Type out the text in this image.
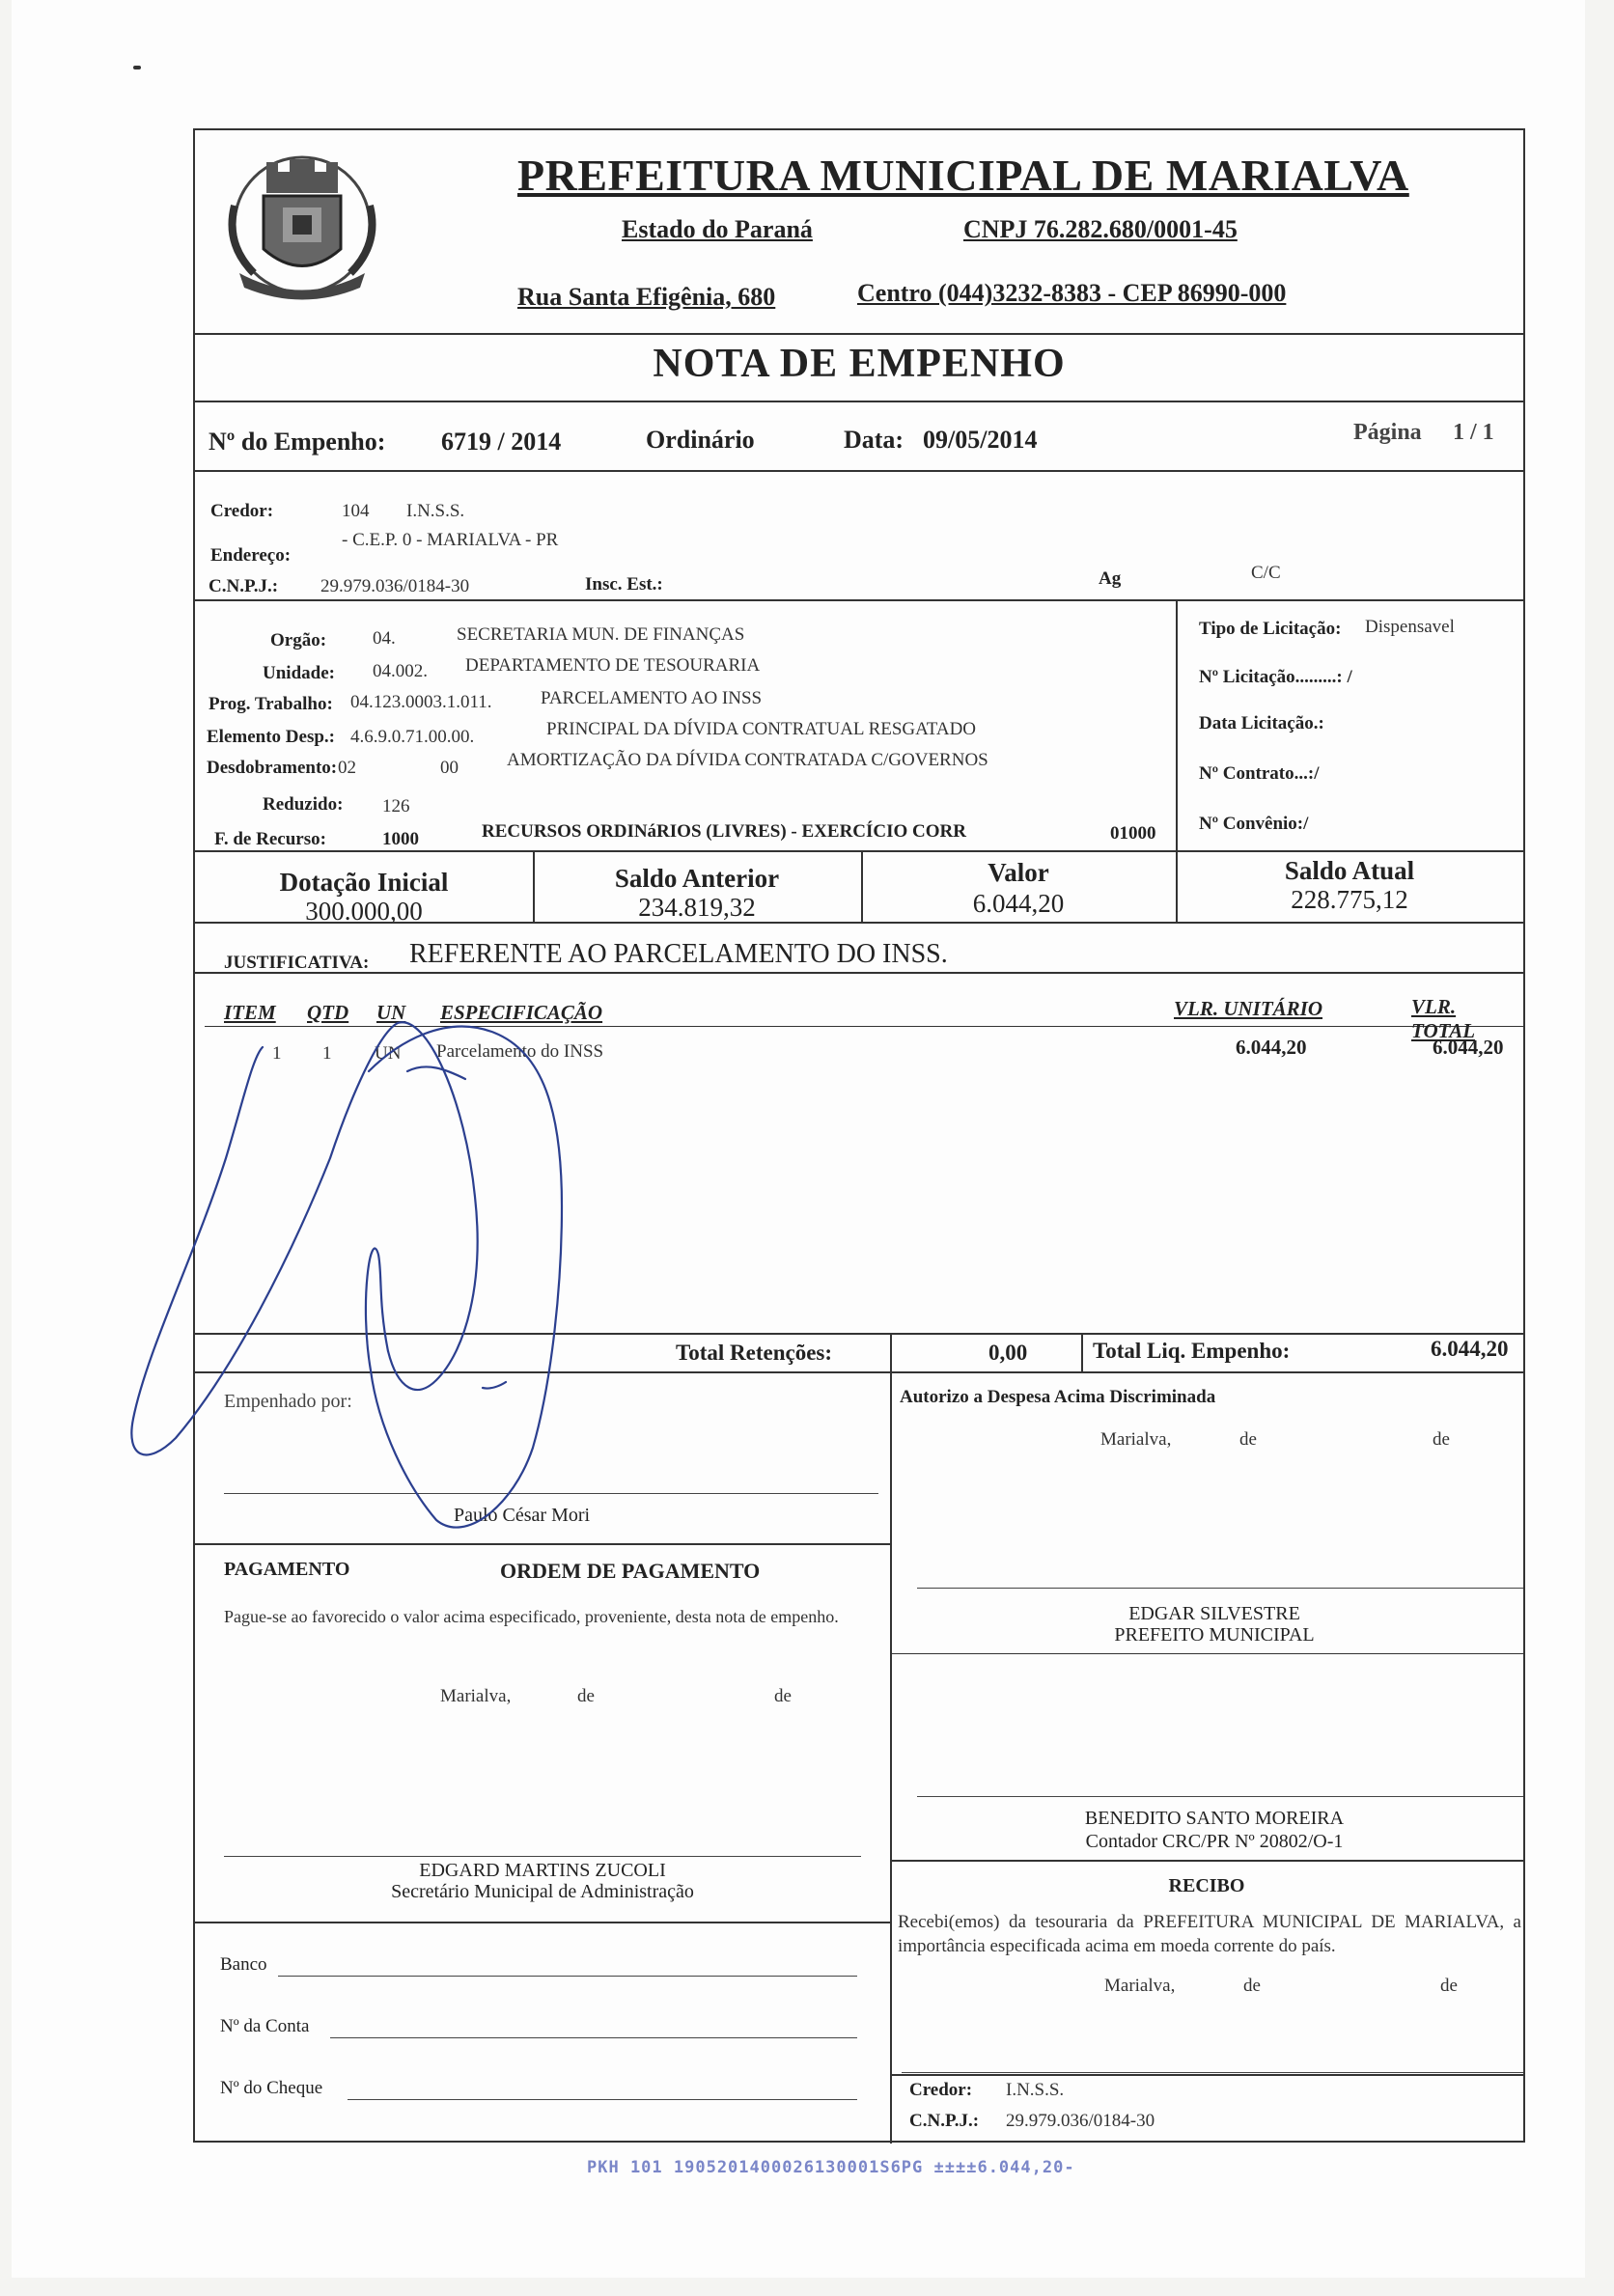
PREFEITURA MUNICIPAL DE MARIALVA
Estado do Paraná	CNPJ 76.282.680/0001-45
Rua Santa Efigênia, 680	Centro (044)3232-8383 - CEP 86990-000
NOTA DE EMPENHO
Nº do Empenho: 6719 / 2014	Ordinário	Data: 09/05/2014	Página 1 / 1
Credor:	104 I.N.S.S.
Endereço:
- C.E.P. 0 - MARIALVA - PR
C.N.P.J.: 29.979.036/0184-30	Insc. Est.:	Ag	C/C
Orgão:	04.	SECRETARIA MUN. DE FINANÇAS
Unidade: 04.002. DEPARTAMENTO DE TESOURARIA
Prog. Trabalho: 04.123.0003.1.011.	PARCELAMENTO AO INSS
Elemento Desp.: 4.6.9.0.71.00.00.	PRINCIPAL DA DÍVIDA CONTRATUAL RESGATADO
Desdobramento: 02	00	AMORTIZAÇÃO DA DÍVIDA CONTRATADA C/GOVERNOS
Reduzido: 126
F. de Recurso:	1000	RECURSOS ORDINáRIOS (LIVRES) - EXERCÍCIO CORR	01000
Tipo de Licitação: Dispensavel
Nº Licitação.........: /
Data Licitação.:
Nº Contrato...:/
Nº Convênio:/
Dotação Inicial
300.000,00
Saldo Anterior
234.819,32
Valor
6.044,20
Saldo Atual
228.775,12
JUSTIFICATIVA: REFERENTE AO PARCELAMENTO DO INSS.
ITEM QTD UN ESPECIFICAÇÃO	VLR. UNITÁRIO	VLR. TOTAL
1 1 UN Parcelamento do INSS	6.044,20	6.044,20
Total Retenções:	0,00	Total Liq. Empenho:	6.044,20
Empenhado por:
Paulo César Mori
Autorizo a Despesa Acima Discriminada
Marialva,	de	de
PAGAMENTO	ORDEM DE PAGAMENTO
Pague-se ao favorecido o valor acima especificado, proveniente, desta nota de empenho.
Marialva,	de	de
EDGAR SILVESTRE
PREFEITO MUNICIPAL
BENEDITO SANTO MOREIRA
Contador CRC/PR Nº 20802/O-1
EDGARD MARTINS ZUCOLI
Secretário Municipal de Administração
Banco
Nº da Conta
Nº do Cheque
RECIBO
Recebi(emos) da tesouraria da PREFEITURA MUNICIPAL DE MARIALVA, a importância especificada acima em moeda corrente do país.
Marialva,	de	de
Credor: I.N.S.S.
C.N.P.J.: 29.979.036/0184-30
PKH 101 1905201400026130001S6PG ±±±±6.044,20-
